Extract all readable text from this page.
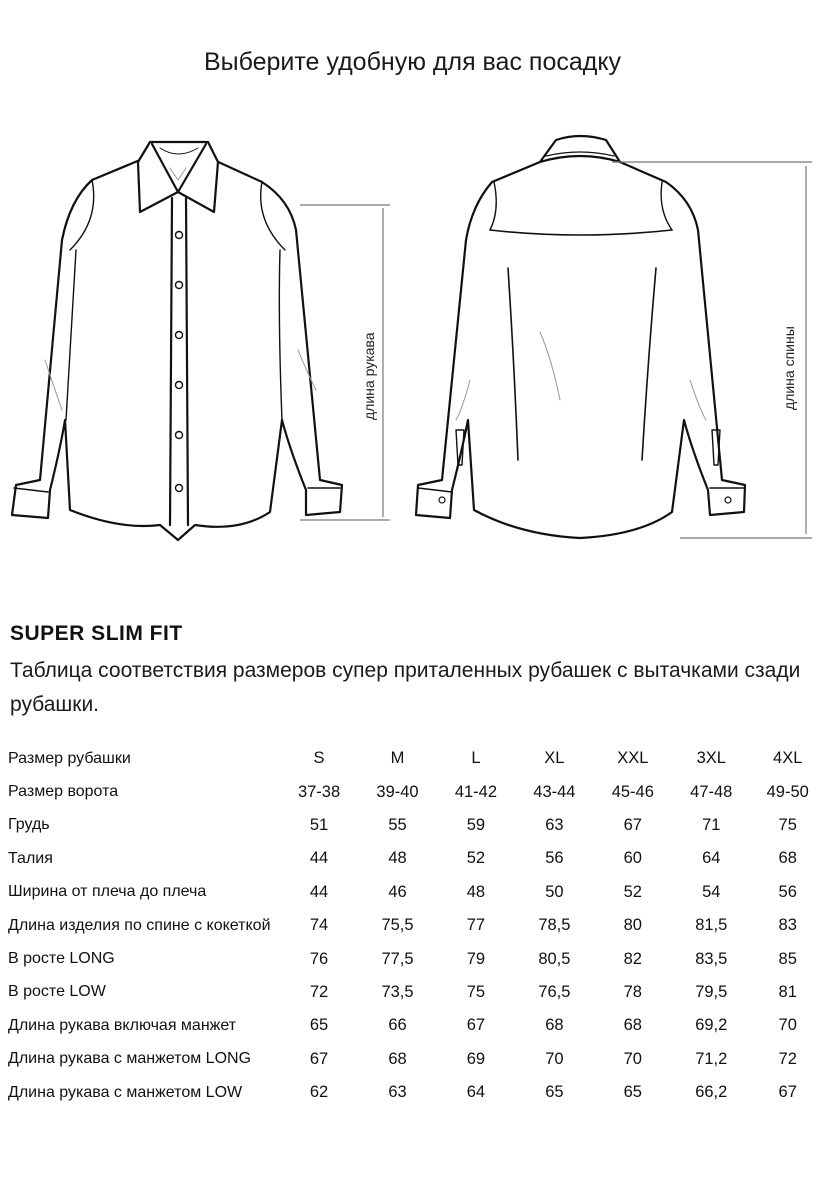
Выберите удобную для вас посадку
длина рукава	длина спины
SUPER SLIM FIT
Таблица соответствия размеров супер приталенных рубашек с вытачками сзади рубашки.
Размер рубашки	S	M	L	XL	XXL	3XL	4XL
Размер ворота	37-38	39-40	41-42	43-44	45-46	47-48	49-50
Грудь	51	55	59	63	67	71	75
Талия	44	48	52	56	60	64	68
Ширина от плеча до плеча	44	46	48	50	52	54	56
Длина изделия по спине с кокеткой	74	75,5	77	78,5	80	81,5	83
В росте LONG	76	77,5	79	80,5	82	83,5	85
В росте LOW	72	73,5	75	76,5	78	79,5	81
Длина рукава включая манжет	65	66	67	68	68	69,2	70
Длина рукава с манжетом LONG	67	68	69	70	70	71,2	72
Длина рукава с манжетом LOW	62	63	64	65	65	66,2	67
